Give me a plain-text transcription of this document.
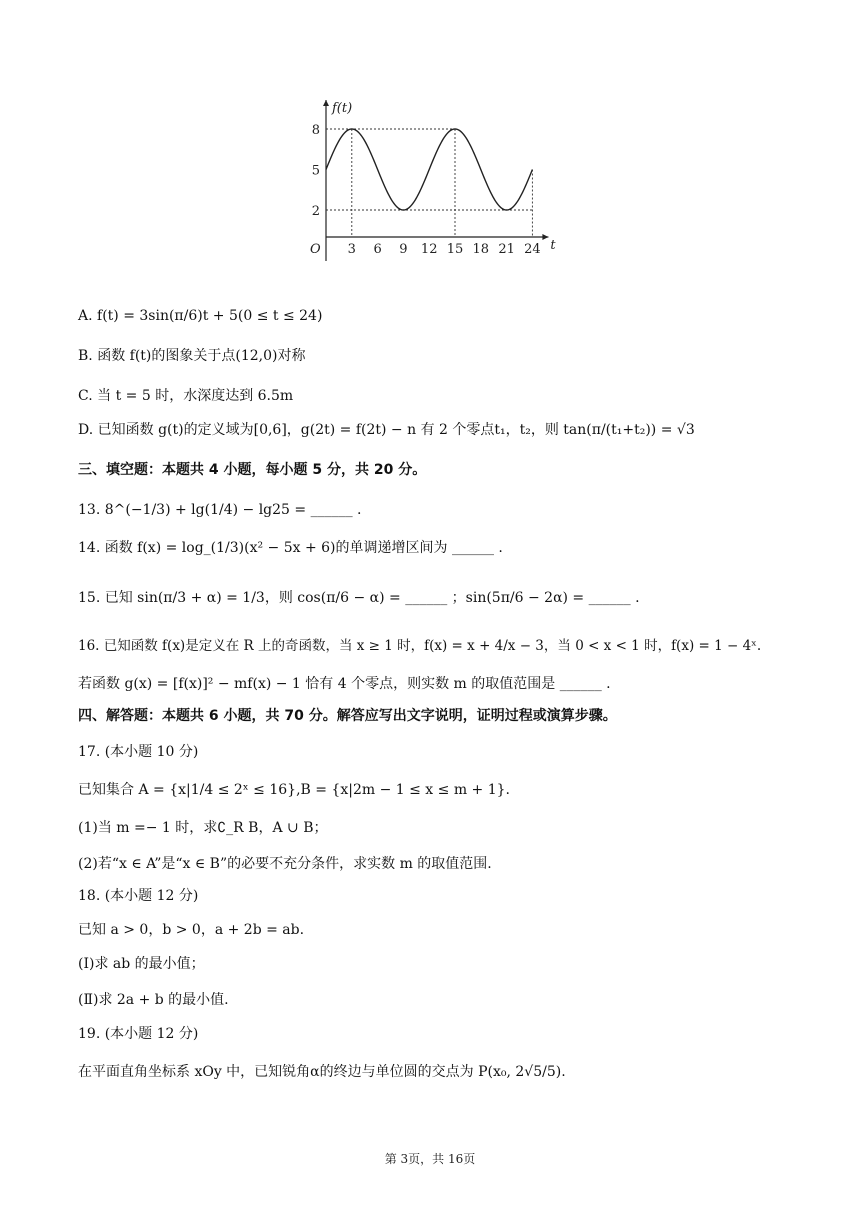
3 6 9 12 15 18 21 24
2
5
8
O
f(t)
t
A. f(t) = 3sin(π/6)t + 5(0 ≤ t ≤ 24)
B. 函数 f(t)的图象关于点(12,0)对称
C. 当 t = 5 时，水深度达到 6.5m
D. 已知函数 g(t)的定义域为[0,6]，g(2t) = f(2t) − n 有 2 个零点t₁，t₂，则 tan(π/(t₁+t₂)) = √3
三、填空题：本题共 4 小题，每小题 5 分，共 20 分。
13. 8^(−1/3) + lg(1/4) − lg25 = ______ .
14. 函数 f(x) = log_(1/3)(x² − 5x + 6)的单调递增区间为 ______ .
15. 已知 sin(π/3 + α) = 1/3，则 cos(π/6 − α) = ______ ；sin(5π/6 − 2α) = ______ .
16. 已知函数 f(x)是定义在 R 上的奇函数，当 x ≥ 1 时，f(x) = x + 4/x − 3，当 0 < x < 1 时，f(x) = 1 − 4ˣ.
若函数 g(x) = [f(x)]² − mf(x) − 1 恰有 4 个零点，则实数 m 的取值范围是 ______ .
四、解答题：本题共 6 小题，共 70 分。解答应写出文字说明，证明过程或演算步骤。
17. (本小题 10 分)
已知集合 A = {x|1/4 ≤ 2ˣ ≤ 16},B = {x|2m − 1 ≤ x ≤ m + 1}.
(1)当 m =− 1 时，求∁_R B，A ∪ B；
(2)若“x ∈ A”是“x ∈ B”的必要不充分条件，求实数 m 的取值范围.
18. (本小题 12 分)
已知 a > 0，b > 0，a + 2b = ab.
(Ⅰ)求 ab 的最小值；
(Ⅱ)求 2a + b 的最小值.
19. (本小题 12 分)
在平面直角坐标系 xOy 中，已知锐角α的终边与单位圆的交点为 P(x₀, 2√5/5).
第 3页，共 16页
